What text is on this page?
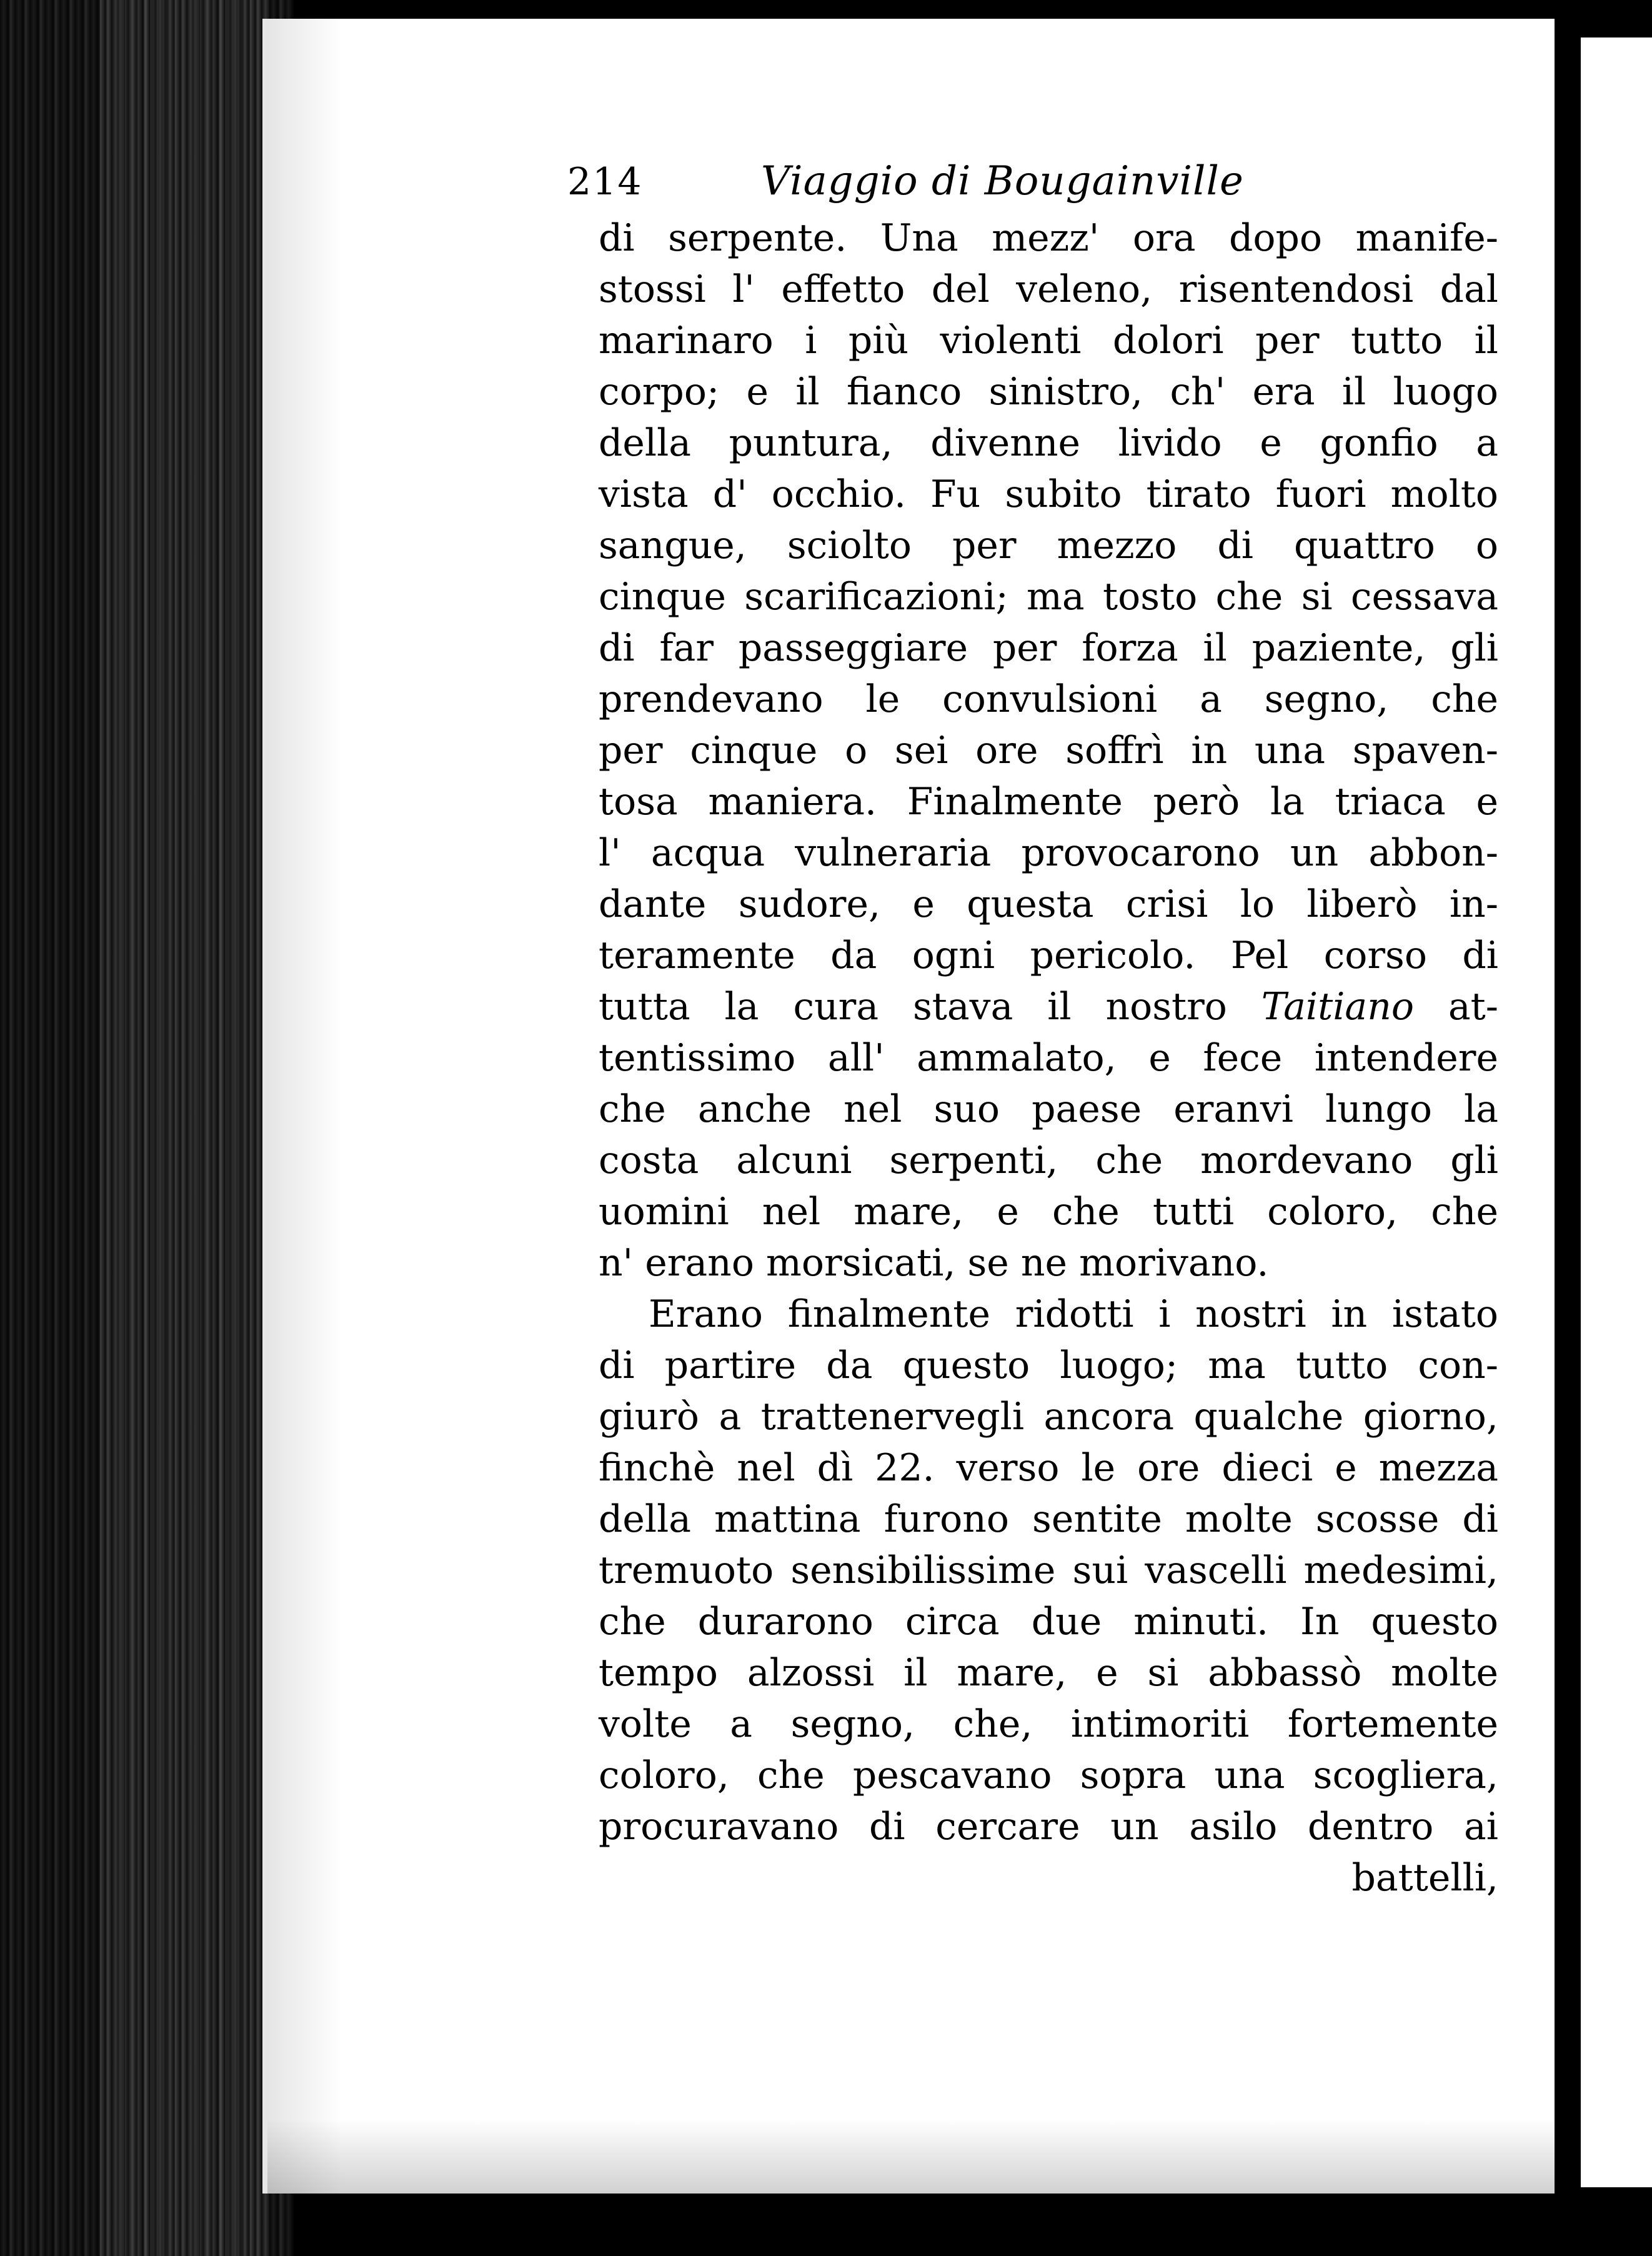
214	Viaggio di Bougainville
di serpente. Una mezz' ora dopo manife-
stossi l' effetto del veleno, risentendosi dal
marinaro i più violenti dolori per tutto il
corpo; e il fianco sinistro, ch' era il luogo
della puntura, divenne livido e gonfio a
vista d' occhio. Fu subito tirato fuori molto
sangue, sciolto per mezzo di quattro o
cinque scarificazioni; ma tosto che si cessava
di far passeggiare per forza il paziente, gli
prendevano le convulsioni a segno, che
per cinque o sei ore soffrì in una spaven-
tosa maniera. Finalmente però la triaca e
l' acqua vulneraria provocarono un abbon-
dante sudore, e questa crisi lo liberò in-
teramente da ogni pericolo. Pel corso di
tutta la cura stava il nostro Taitiano at-
tentissimo all' ammalato, e fece intendere
che anche nel suo paese eranvi lungo la
costa alcuni serpenti, che mordevano gli
uomini nel mare, e che tutti coloro, che
n' erano morsicati, se ne morivano.
Erano finalmente ridotti i nostri in istato
di partire da questo luogo; ma tutto con-
giurò a trattenervegli ancora qualche giorno,
finchè nel dì 22. verso le ore dieci e mezza
della mattina furono sentite molte scosse di
tremuoto sensibilissime sui vascelli medesimi,
che durarono circa due minuti. In questo
tempo alzossi il mare, e si abbassò molte
volte a segno, che, intimoriti fortemente
coloro, che pescavano sopra una scogliera,
procuravano di cercare un asilo dentro ai
battelli,
